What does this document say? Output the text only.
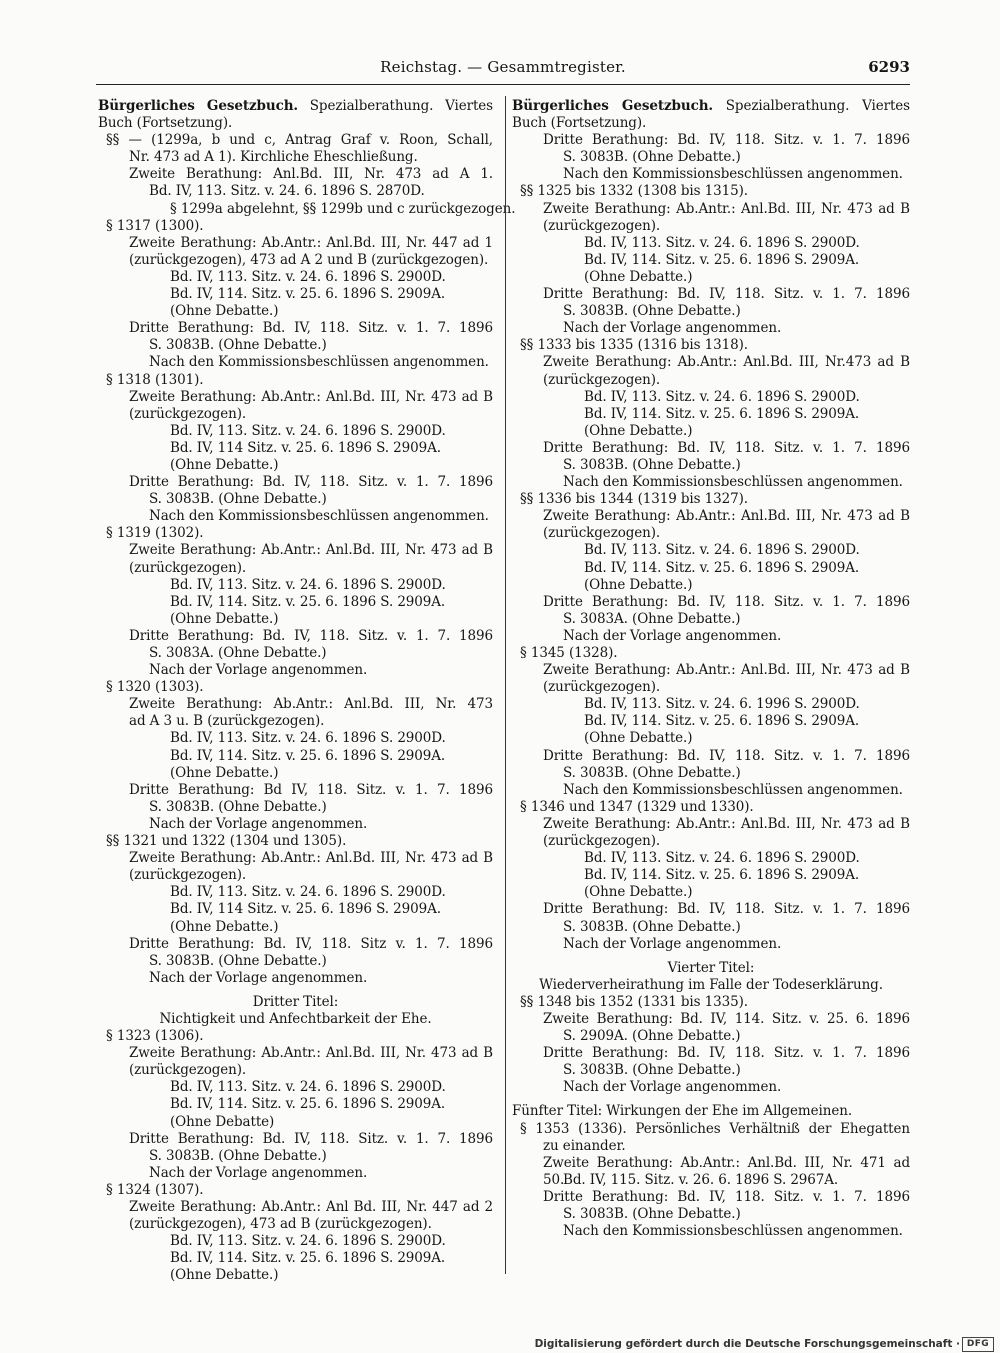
Reichstag. — Gesammtregister.	6293
Bürgerliches Gesetzbuch. Spezialberathung. Viertes
Buch (Fortsetzung).
§§ — (1299a, b und c, Antrag Graf v. Roon, Schall,
Nr. 473 ad A 1). Kirchliche Eheschließung.
Zweite Berathung: Anl.Bd. III, Nr. 473 ad A 1.
Bd. IV, 113. Sitz. v. 24. 6. 1896 S. 2870D.
§ 1299a abgelehnt, §§ 1299b und c zurückgezogen.
§ 1317 (1300).
Zweite Berathung: Ab.Antr.: Anl.Bd. III, Nr. 447 ad 1
(zurückgezogen), 473 ad A 2 und B (zurückgezogen).
Bd. IV, 113. Sitz. v. 24. 6. 1896 S. 2900D.
Bd. IV, 114. Sitz. v. 25. 6. 1896 S. 2909A.
(Ohne Debatte.)
Dritte Berathung: Bd. IV, 118. Sitz. v. 1. 7. 1896
S. 3083B. (Ohne Debatte.)
Nach den Kommissionsbeschlüssen angenommen.
§ 1318 (1301).
Zweite Berathung: Ab.Antr.: Anl.Bd. III, Nr. 473 ad B
(zurückgezogen).
Bd. IV, 113. Sitz. v. 24. 6. 1896 S. 2900D.
Bd. IV, 114 Sitz. v. 25. 6. 1896 S. 2909A.
(Ohne Debatte.)
Dritte Berathung: Bd. IV, 118. Sitz. v. 1. 7. 1896
S. 3083B. (Ohne Debatte.)
Nach den Kommissionsbeschlüssen angenommen.
§ 1319 (1302).
Zweite Berathung: Ab.Antr.: Anl.Bd. III, Nr. 473 ad B
(zurückgezogen).
Bd. IV, 113. Sitz. v. 24. 6. 1896 S. 2900D.
Bd. IV, 114. Sitz. v. 25. 6. 1896 S. 2909A.
(Ohne Debatte.)
Dritte Berathung: Bd. IV, 118. Sitz. v. 1. 7. 1896
S. 3083A. (Ohne Debatte.)
Nach der Vorlage angenommen.
§ 1320 (1303).
Zweite Berathung: Ab.Antr.: Anl.Bd. III, Nr. 473
ad A 3 u. B (zurückgezogen).
Bd. IV, 113. Sitz. v. 24. 6. 1896 S. 2900D.
Bd. IV, 114. Sitz. v. 25. 6. 1896 S. 2909A.
(Ohne Debatte.)
Dritte Berathung: Bd IV, 118. Sitz. v. 1. 7. 1896
S. 3083B. (Ohne Debatte.)
Nach der Vorlage angenommen.
§§ 1321 und 1322 (1304 und 1305).
Zweite Berathung: Ab.Antr.: Anl.Bd. III, Nr. 473 ad B
(zurückgezogen).
Bd. IV, 113. Sitz. v. 24. 6. 1896 S. 2900D.
Bd. IV, 114 Sitz. v. 25. 6. 1896 S. 2909A.
(Ohne Debatte.)
Dritte Berathung: Bd. IV, 118. Sitz v. 1. 7. 1896
S. 3083B. (Ohne Debatte.)
Nach der Vorlage angenommen.
Dritter Titel:
Nichtigkeit und Anfechtbarkeit der Ehe.
§ 1323 (1306).
Zweite Berathung: Ab.Antr.: Anl.Bd. III, Nr. 473 ad B
(zurückgezogen).
Bd. IV, 113. Sitz. v. 24. 6. 1896 S. 2900D.
Bd. IV, 114. Sitz. v. 25. 6. 1896 S. 2909A.
(Ohne Debatte)
Dritte Berathung: Bd. IV, 118. Sitz. v. 1. 7. 1896
S. 3083B. (Ohne Debatte.)
Nach der Vorlage angenommen.
§ 1324 (1307).
Zweite Berathung: Ab.Antr.: Anl Bd. III, Nr. 447 ad 2
(zurückgezogen), 473 ad B (zurückgezogen).
Bd. IV, 113. Sitz. v. 24. 6. 1896 S. 2900D.
Bd. IV, 114. Sitz. v. 25. 6. 1896 S. 2909A.
(Ohne Debatte.)
Bürgerliches Gesetzbuch. Spezialberathung. Viertes
Buch (Fortsetzung).
Dritte Berathung: Bd. IV, 118. Sitz. v. 1. 7. 1896
S. 3083B. (Ohne Debatte.)
Nach den Kommissionsbeschlüssen angenommen.
§§ 1325 bis 1332 (1308 bis 1315).
Zweite Berathung: Ab.Antr.: Anl.Bd. III, Nr. 473 ad B
(zurückgezogen).
Bd. IV, 113. Sitz. v. 24. 6. 1896 S. 2900D.
Bd. IV, 114. Sitz. v. 25. 6. 1896 S. 2909A.
(Ohne Debatte.)
Dritte Berathung: Bd. IV, 118. Sitz. v. 1. 7. 1896
S. 3083B. (Ohne Debatte.)
Nach der Vorlage angenommen.
§§ 1333 bis 1335 (1316 bis 1318).
Zweite Berathung: Ab.Antr.: Anl.Bd. III, Nr.473 ad B
(zurückgezogen).
Bd. IV, 113. Sitz. v. 24. 6. 1896 S. 2900D.
Bd. IV, 114. Sitz. v. 25. 6. 1896 S. 2909A.
(Ohne Debatte.)
Dritte Berathung: Bd. IV, 118. Sitz. v. 1. 7. 1896
S. 3083B. (Ohne Debatte.)
Nach den Kommissionsbeschlüssen angenommen.
§§ 1336 bis 1344 (1319 bis 1327).
Zweite Berathung: Ab.Antr.: Anl.Bd. III, Nr. 473 ad B
(zurückgezogen).
Bd. IV, 113. Sitz. v. 24. 6. 1896 S. 2900D.
Bd. IV, 114. Sitz. v. 25. 6. 1896 S. 2909A.
(Ohne Debatte.)
Dritte Berathung: Bd. IV, 118. Sitz. v. 1. 7. 1896
S. 3083A. (Ohne Debatte.)
Nach der Vorlage angenommen.
§ 1345 (1328).
Zweite Berathung: Ab.Antr.: Anl.Bd. III, Nr. 473 ad B
(zurückgezogen).
Bd. IV, 113. Sitz. v. 24. 6. 1996 S. 2900D.
Bd. IV, 114. Sitz. v. 25. 6. 1896 S. 2909A.
(Ohne Debatte.)
Dritte Berathung: Bd. IV, 118. Sitz. v. 1. 7. 1896
S. 3083B. (Ohne Debatte.)
Nach den Kommissionsbeschlüssen angenommen.
§ 1346 und 1347 (1329 und 1330).
Zweite Berathung: Ab.Antr.: Anl.Bd. III, Nr. 473 ad B
(zurückgezogen).
Bd. IV, 113. Sitz. v. 24. 6. 1896 S. 2900D.
Bd. IV, 114. Sitz. v. 25. 6. 1896 S. 2909A.
(Ohne Debatte.)
Dritte Berathung: Bd. IV, 118. Sitz. v. 1. 7. 1896
S. 3083B. (Ohne Debatte.)
Nach der Vorlage angenommen.
Vierter Titel:
Wiederverheirathung im Falle der Todeserklärung.
§§ 1348 bis 1352 (1331 bis 1335).
Zweite Berathung: Bd. IV, 114. Sitz. v. 25. 6. 1896
S. 2909A. (Ohne Debatte.)
Dritte Berathung: Bd. IV, 118. Sitz. v. 1. 7. 1896
S. 3083B. (Ohne Debatte.)
Nach der Vorlage angenommen.
Fünfter Titel: Wirkungen der Ehe im Allgemeinen.
§ 1353 (1336). Persönliches Verhältniß der Ehegatten
zu einander.
Zweite Berathung: Ab.Antr.: Anl.Bd. III, Nr. 471 ad 50.
Bd. IV, 115. Sitz. v. 26. 6. 1896 S. 2967A.
Dritte Berathung: Bd. IV, 118. Sitz. v. 1. 7. 1896
S. 3083B. (Ohne Debatte.)
Nach den Kommissionsbeschlüssen angenommen.
Digitalisierung gefördert durch die Deutsche Forschungsgemeinschaft · DFG
